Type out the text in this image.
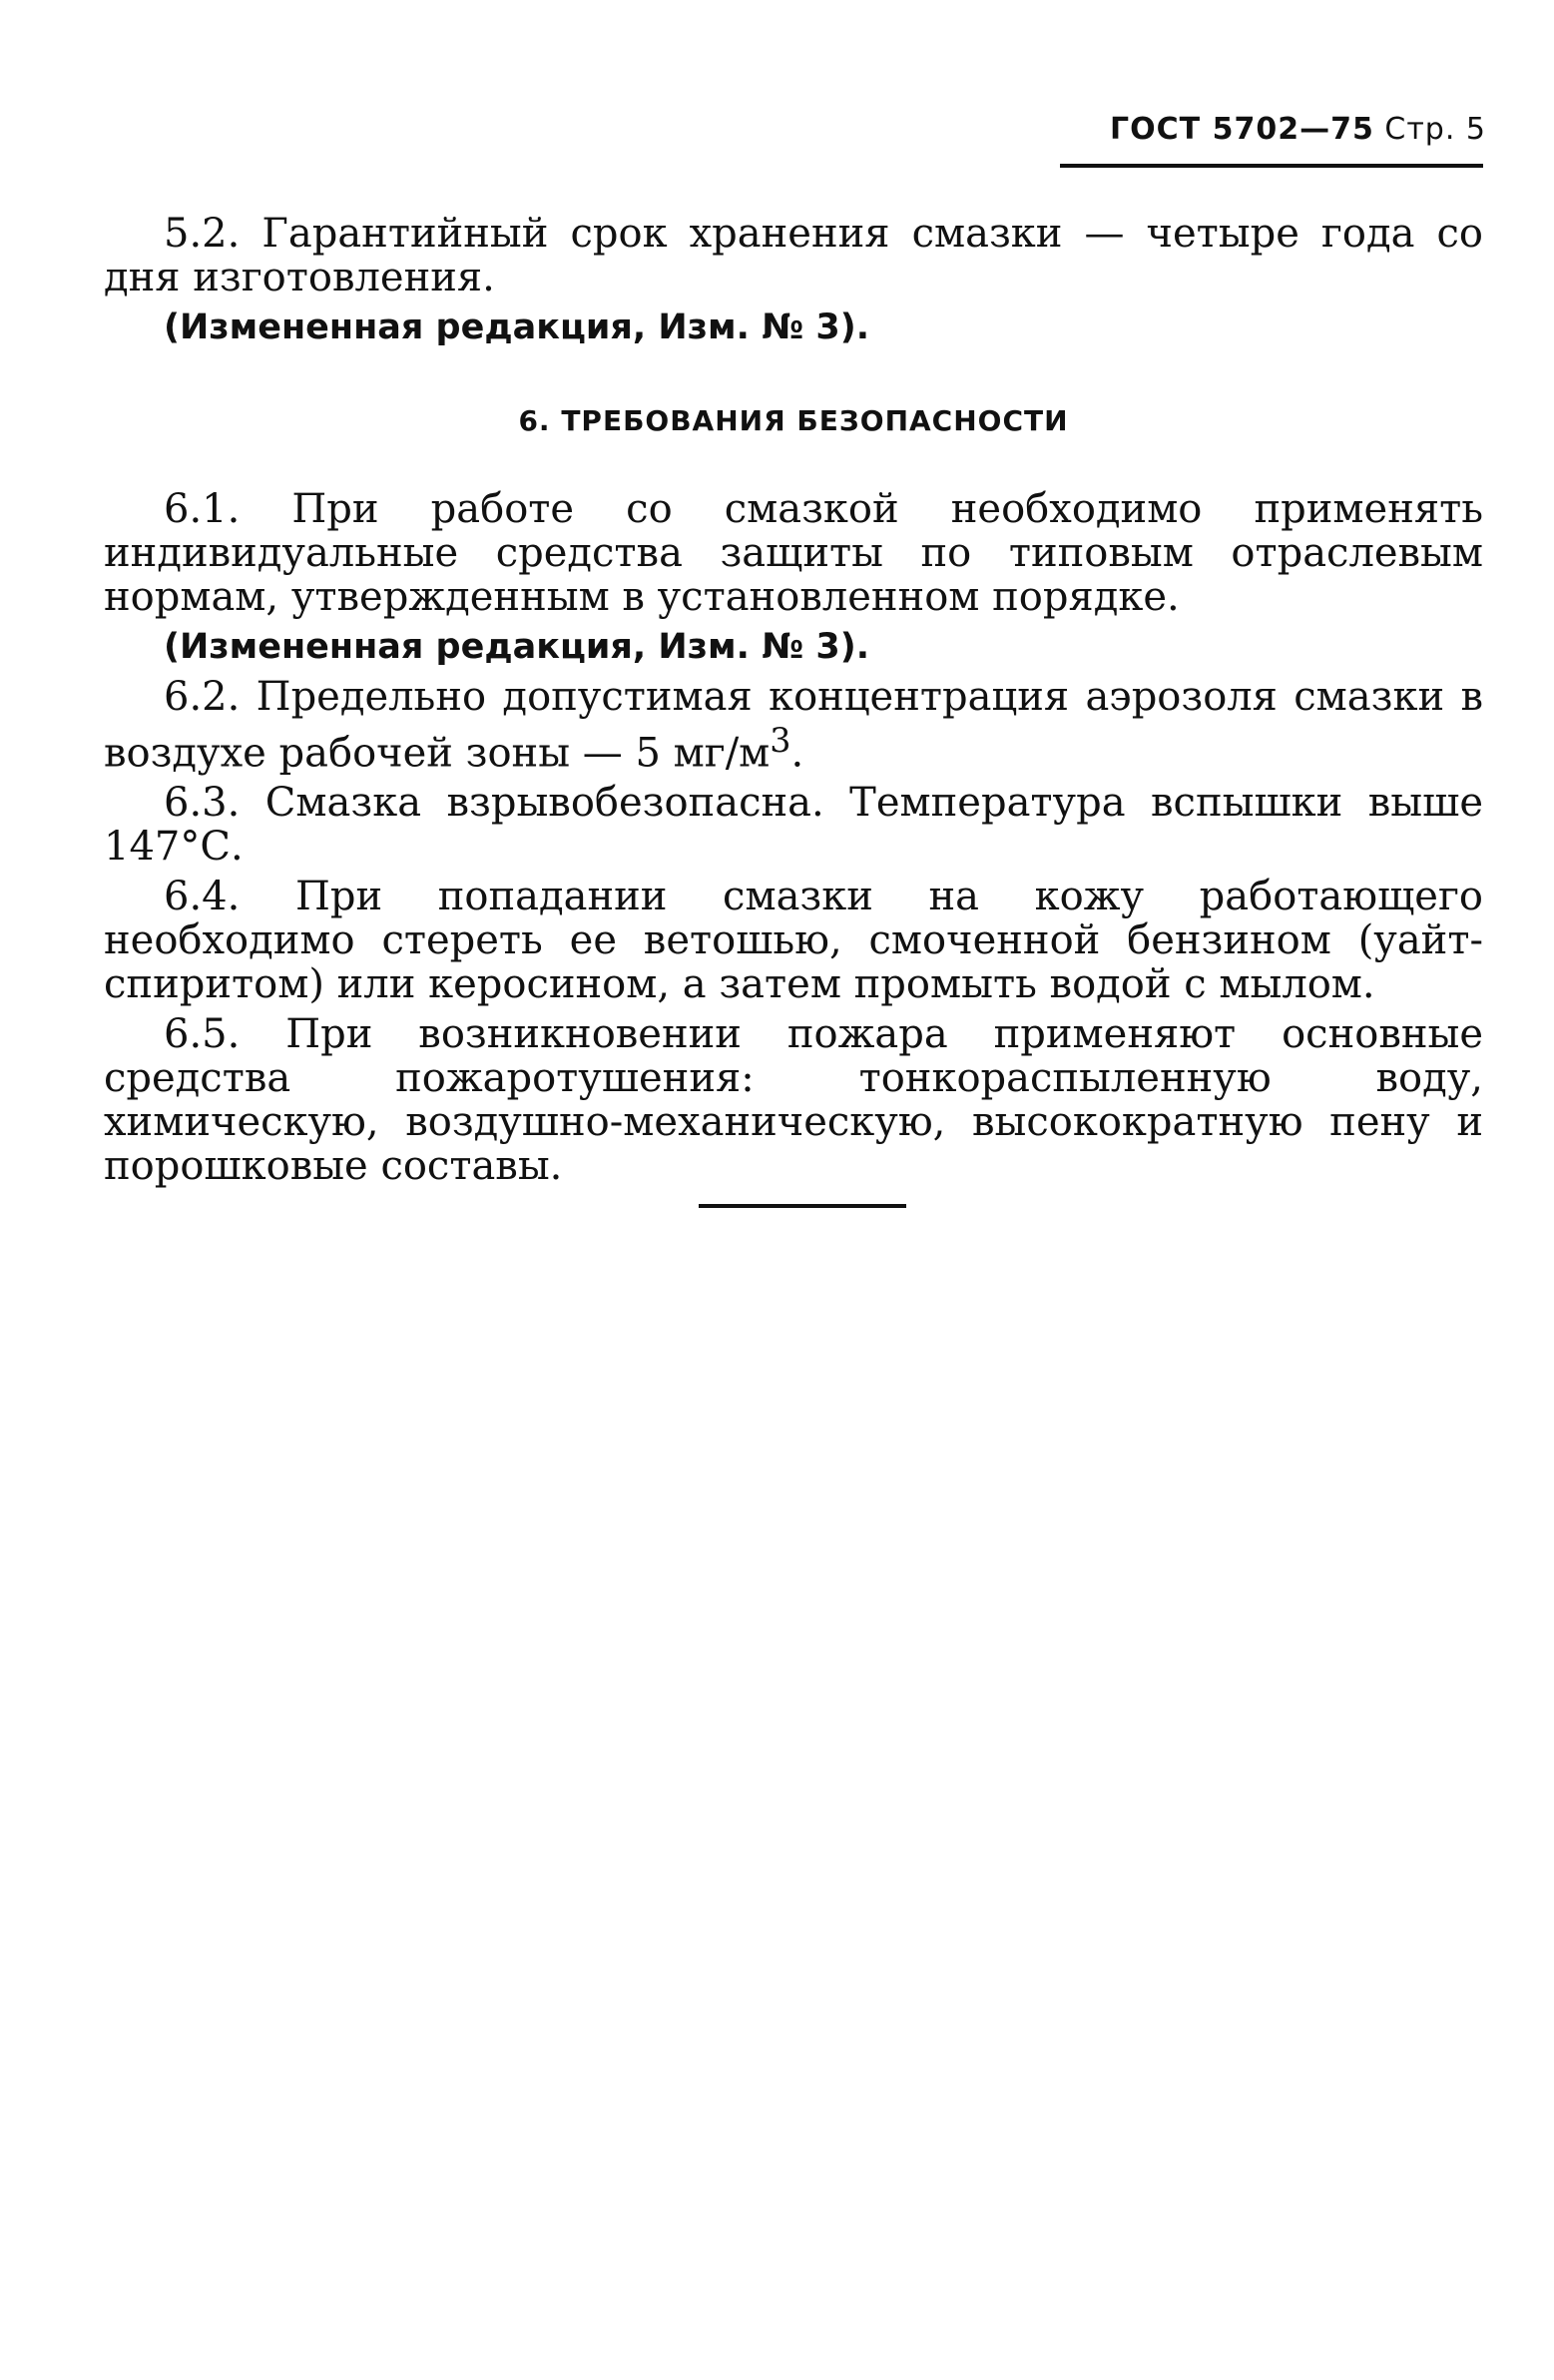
ГОСТ 5702—75 Стр. 5

5.2. Гарантийный срок хранения смазки — четыре года со дня изготовления.

(Измененная редакция, Изм. № 3).

6. ТРЕБОВАНИЯ БЕЗОПАСНОСТИ

6.1. При работе со смазкой необходимо применять индивидуальные средства защиты по типовым отраслевым нормам, утвержденным в установленном порядке.

(Измененная редакция, Изм. № 3).

6.2. Предельно допустимая концентрация аэрозоля смазки в воздухе рабочей зоны — 5 $мг/м^3$.

6.3. Смазка взрывобезопасна. Температура вспышки выше 147°С.

6.4. При попадании смазки на кожу работающего необходимо стереть ее ветошью, смоченной бензином (уайт-спиритом) или керосином, а затем промыть водой с мылом.

6.5. При возникновении пожара применяют основные средства пожаротушения: тонкораспыленную воду, химическую, воздушно-механическую, высокократную пену и порошковые составы.
